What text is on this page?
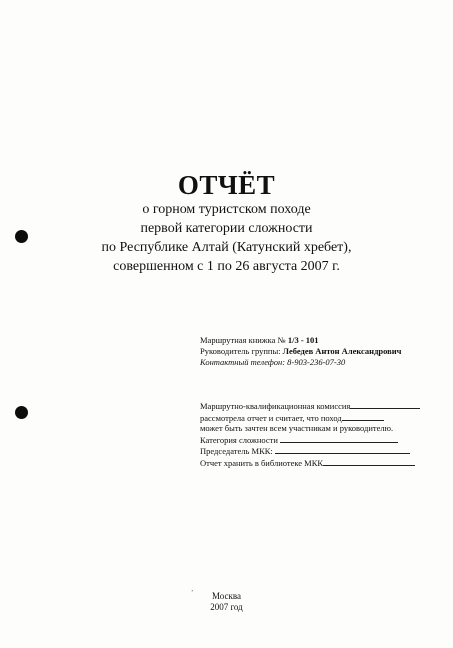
ОТЧЁТ
о горном туристском походе
первой категории сложности
по Республике Алтай (Катунский хребет),
совершенном с 1 по 26 августа 2007 г.
Маршрутная книжка № 1/3 - 101
Руководитель группы: Лебедев Антон Александрович
Контактный телефон: 8-903-236-07-30
Маршрутно-квалификационная комиссия
рассмотрела отчет и считает, что поход
может быть зачтен всем участникам и руководителю.
Категория сложности
Председатель МКК:
Отчет хранить в библиотеке МКК
‚
Москва
2007 год
